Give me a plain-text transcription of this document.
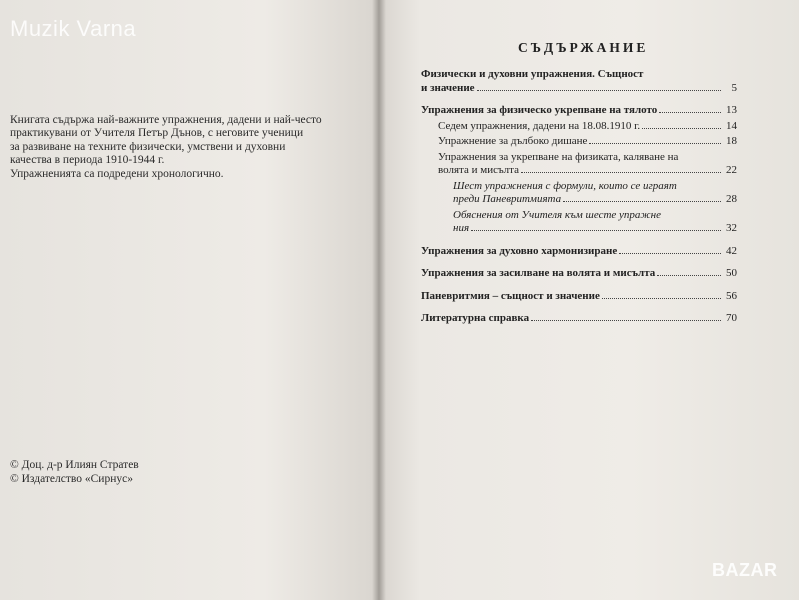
Muzik Varna

Книгата съдържа най-важните упражнения, дадени и най-често

практикувани от Учителя Петър Дънов, с неговите ученици

за развиване на техните физически, умствени и духовни

качества в периода 1910-1944 г.

Упражненията са подредени хронологично.

© Доц. д-р Илиян Стратев
© Издателство «Сирнус»
СЪДЪРЖАНИЕ
Физически и духовни упражнения. Същност
и значение	5
Упражнения за физическо укрепване на тялото	13
Седем упражнения, дадени на 18.08.1910 г.	14
Упражнение за дълбоко дишане	18
Упражнения за укрепване на физиката, каляване на
волята и мисълта	22
Шест упражнения с формули, които се играят
преди Паневритмията	28
Обяснения от Учителя към шесте упражне
ния	32
Упражнения за духовно хармонизиране	42
Упражнения за засилване на волята и мисълта	50
Паневритмия – същност и значение	56
Литературна справка	70
BAZAR
